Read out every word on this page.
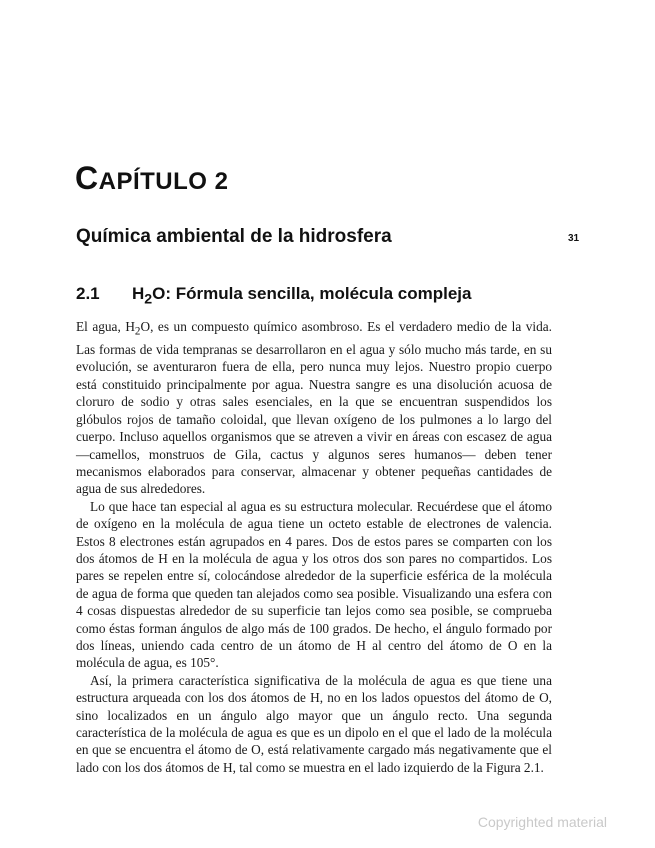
CAPÍTULO 2
Química ambiental de la hidrosfera	31
2.1 $H_2O$: Fórmula sencilla, molécula compleja

El agua, $H_2O$, es un compuesto químico asombroso. Es el verdadero medio de la vida. Las formas de vida tempranas se desarrollaron en el agua y sólo mucho más tarde, en su evolución, se aventuraron fuera de ella, pero nunca muy lejos. Nuestro propio cuerpo está constituido principalmente por agua. Nuestra sangre es una disolución acuosa de cloruro de sodio y otras sales esenciales, en la que se encuentran suspendidos los glóbulos rojos de tamaño coloidal, que llevan oxígeno de los pulmones a lo largo del cuerpo. Incluso aquellos organismos que se atreven a vivir en áreas con escasez de agua —camellos, monstruos de Gila, cactus y algunos seres humanos— deben tener mecanismos elaborados para conservar, almacenar y obtener pequeñas cantidades de agua de sus alrededores.

Lo que hace tan especial al agua es su estructura molecular. Recuérdese que el átomo de oxígeno en la molécula de agua tiene un octeto estable de electrones de valencia. Estos 8 electrones están agrupados en 4 pares. Dos de estos pares se comparten con los dos átomos de H en la molécula de agua y los otros dos son pares no compartidos. Los pares se repelen entre sí, colocándose alrededor de la superficie esférica de la molécula de agua de forma que queden tan alejados como sea posible. Visualizando una esfera con 4 cosas dispuestas alrededor de su superficie tan lejos como sea posible, se comprueba como éstas forman ángulos de algo más de 100 grados. De hecho, el ángulo formado por dos líneas, uniendo cada centro de un átomo de H al centro del átomo de O en la molécula de agua, es 105°.

Así, la primera característica significativa de la molécula de agua es que tiene una estructura arqueada con los dos átomos de H, no en los lados opuestos del átomo de O, sino localizados en un ángulo algo mayor que un ángulo recto. Una segunda característica de la molécula de agua es que es un dipolo en el que el lado de la molécula en que se encuentra el átomo de O, está relativamente cargado más negativamente que el lado con los dos átomos de H, tal como se muestra en el lado izquierdo de la Figura 2.1.

Copyrighted material
